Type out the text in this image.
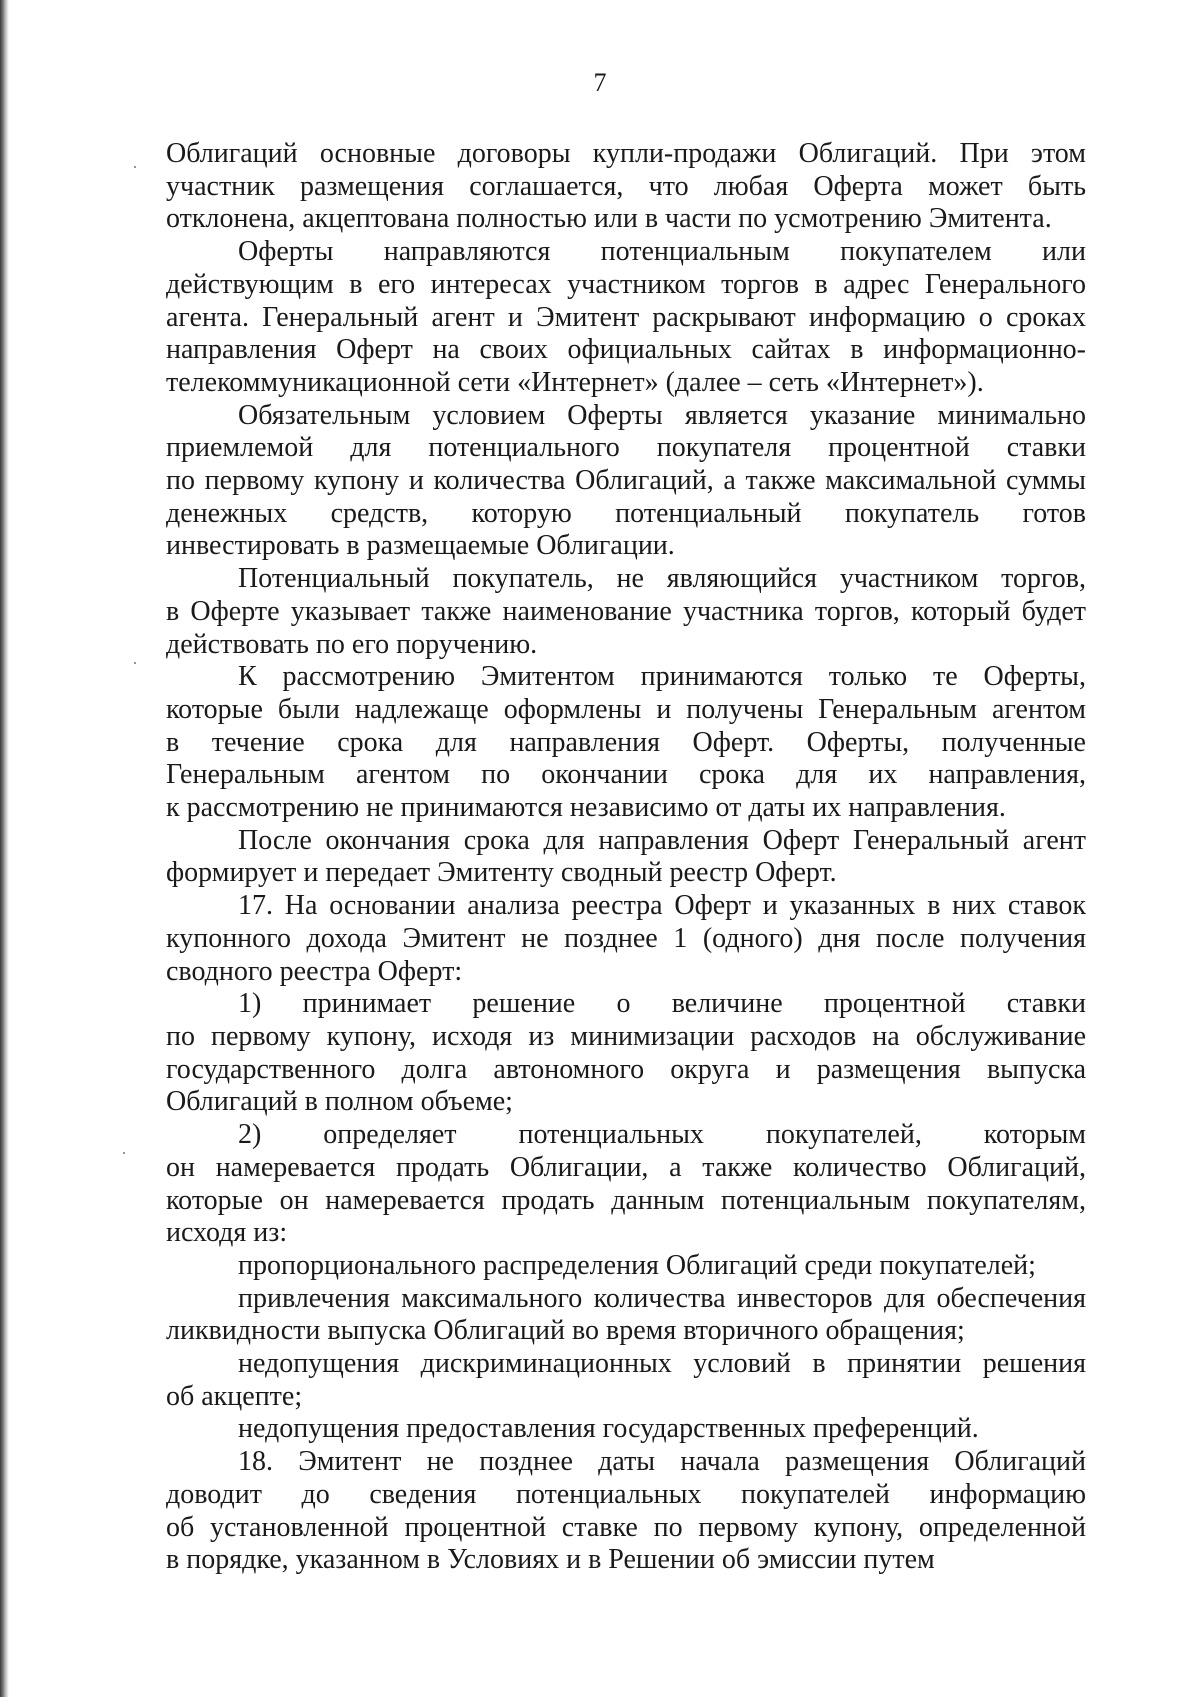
7

Облигаций основные договоры купли-продажи Облигаций. При этом

участник размещения соглашается, что любая Оферта может быть

отклонена, акцептована полностью или в части по усмотрению Эмитента.

Оферты направляются потенциальным покупателем или

действующим в его интересах участником торгов в адрес Генерального

агента. Генеральный агент и Эмитент раскрывают информацию о сроках

направления Оферт на своих официальных сайтах в информационно-

телекоммуникационной сети «Интернет» (далее – сеть «Интернет»).

Обязательным условием Оферты является указание минимально

приемлемой для потенциального покупателя процентной ставки

по первому купону и количества Облигаций, а также максимальной суммы

денежных средств, которую потенциальный покупатель готов

инвестировать в размещаемые Облигации.

Потенциальный покупатель, не являющийся участником торгов,

в Оферте указывает также наименование участника торгов, который будет

действовать по его поручению.

К рассмотрению Эмитентом принимаются только те Оферты,

которые были надлежаще оформлены и получены Генеральным агентом

в течение срока для направления Оферт. Оферты, полученные

Генеральным агентом по окончании срока для их направления,

к рассмотрению не принимаются независимо от даты их направления.

После окончания срока для направления Оферт Генеральный агент

формирует и передает Эмитенту сводный реестр Оферт.

17. На основании анализа реестра Оферт и указанных в них ставок

купонного дохода Эмитент не позднее 1 (одного) дня после получения

сводного реестра Оферт:

1) принимает решение о величине процентной ставки

по первому купону, исходя из минимизации расходов на обслуживание

государственного долга автономного округа и размещения выпуска

Облигаций в полном объеме;

2) определяет потенциальных покупателей, которым

он намеревается продать Облигации, а также количество Облигаций,

которые он намеревается продать данным потенциальным покупателям,

исходя из:

пропорционального распределения Облигаций среди покупателей;

привлечения максимального количества инвесторов для обеспечения

ликвидности выпуска Облигаций во время вторичного обращения;

недопущения дискриминационных условий в принятии решения

об акцепте;

недопущения предоставления государственных преференций.

18. Эмитент не позднее даты начала размещения Облигаций

доводит до сведения потенциальных покупателей информацию

об установленной процентной ставке по первому купону, определенной

в порядке, указанном в Условиях и в Решении об эмиссии путем
